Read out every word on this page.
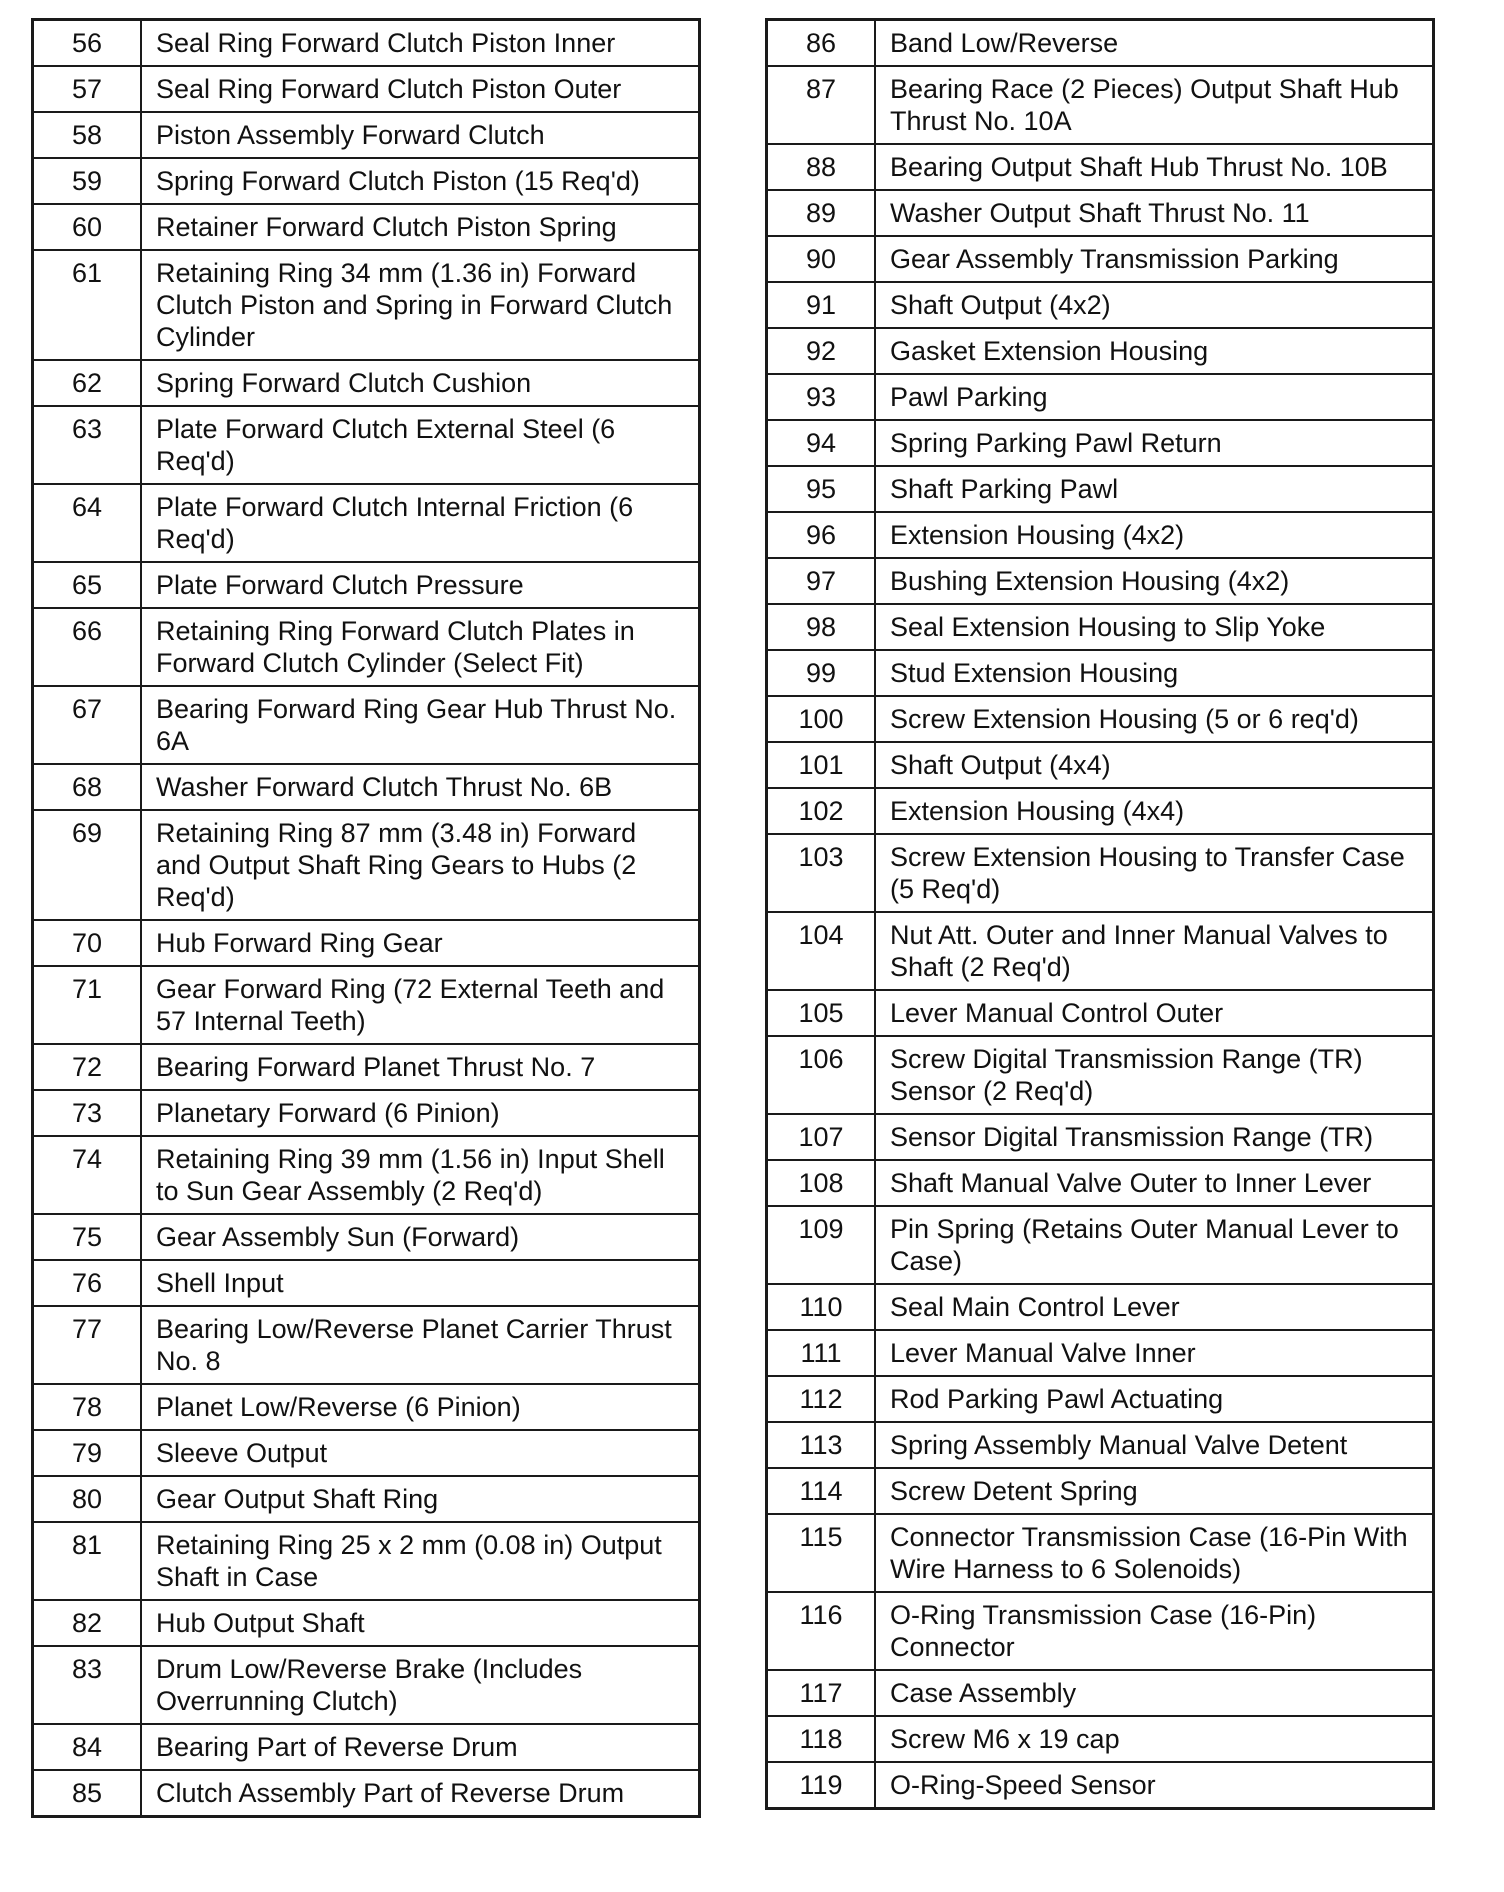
56	Seal Ring Forward Clutch Piston Inner
57	Seal Ring Forward Clutch Piston Outer
58	Piston Assembly Forward Clutch
59	Spring Forward Clutch Piston (15 Req'd)
60	Retainer Forward Clutch Piston Spring
61	Retaining Ring 34 mm (1.36 in) Forward Clutch Piston and Spring in Forward Clutch Cylinder
62	Spring Forward Clutch Cushion
63	Plate Forward Clutch External Steel (6 Req'd)
64	Plate Forward Clutch Internal Friction (6 Req'd)
65	Plate Forward Clutch Pressure
66	Retaining Ring Forward Clutch Plates in Forward Clutch Cylinder (Select Fit)
67	Bearing Forward Ring Gear Hub Thrust No. 6A
68	Washer Forward Clutch Thrust No. 6B
69	Retaining Ring 87 mm (3.48 in) Forward and Output Shaft Ring Gears to Hubs (2 Req'd)
70	Hub Forward Ring Gear
71	Gear Forward Ring (72 External Teeth and 57 Internal Teeth)
72	Bearing Forward Planet Thrust No. 7
73	Planetary Forward (6 Pinion)
74	Retaining Ring 39 mm (1.56 in) Input Shell to Sun Gear Assembly (2 Req'd)
75	Gear Assembly Sun (Forward)
76	Shell Input
77	Bearing Low/Reverse Planet Carrier Thrust No. 8
78	Planet Low/Reverse (6 Pinion)
79	Sleeve Output
80	Gear Output Shaft Ring
81	Retaining Ring 25 x 2 mm (0.08 in) Output Shaft in Case
82	Hub Output Shaft
83	Drum Low/Reverse Brake (Includes Overrunning Clutch)
84	Bearing Part of Reverse Drum
85	Clutch Assembly Part of Reverse Drum
86	Band Low/Reverse
87	Bearing Race (2 Pieces) Output Shaft Hub Thrust No. 10A
88	Bearing Output Shaft Hub Thrust No. 10B
89	Washer Output Shaft Thrust No. 11
90	Gear Assembly Transmission Parking
91	Shaft Output (4x2)
92	Gasket Extension Housing
93	Pawl Parking
94	Spring Parking Pawl Return
95	Shaft Parking Pawl
96	Extension Housing (4x2)
97	Bushing Extension Housing (4x2)
98	Seal Extension Housing to Slip Yoke
99	Stud Extension Housing
100	Screw Extension Housing (5 or 6 req'd)
101	Shaft Output (4x4)
102	Extension Housing (4x4)
103	Screw Extension Housing to Transfer Case (5 Req'd)
104	Nut Att. Outer and Inner Manual Valves to Shaft (2 Req'd)
105	Lever Manual Control Outer
106	Screw Digital Transmission Range (TR) Sensor (2 Req'd)
107	Sensor Digital Transmission Range (TR)
108	Shaft Manual Valve Outer to Inner Lever
109	Pin Spring (Retains Outer Manual Lever to Case)
110	Seal Main Control Lever
111	Lever Manual Valve Inner
112	Rod Parking Pawl Actuating
113	Spring Assembly Manual Valve Detent
114	Screw Detent Spring
115	Connector Transmission Case (16-Pin With Wire Harness to 6 Solenoids)
116	O-Ring Transmission Case (16-Pin) Connector
117	Case Assembly
118	Screw M6 x 19 cap
119	O-Ring-Speed Sensor
